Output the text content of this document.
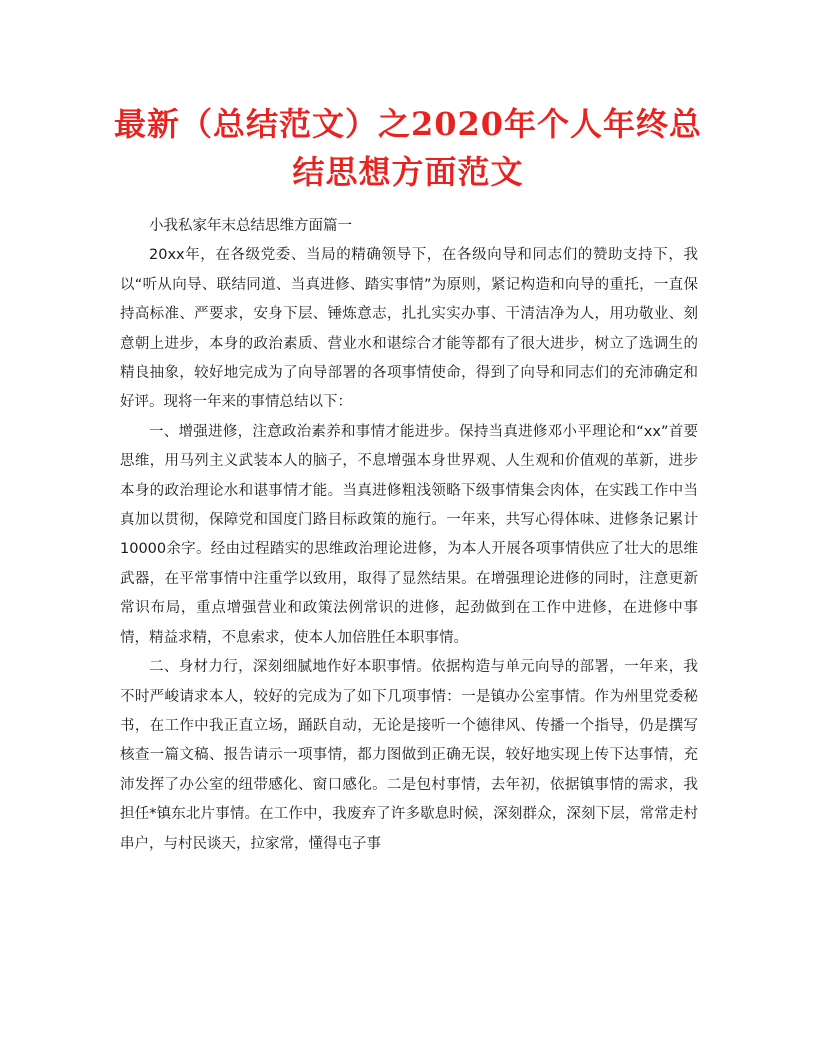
最新（总结范文）之2020年个人年终总
结思想方面范文

小我私家年末总结思维方面篇一

20xx年，在各级党委、当局的精确领导下，在各级向导和同志们的赞助支持下，我以“听从向导、联结同道、当真进修、踏实事情”为原则，紧记构造和向导的重托，一直保持高标准、严要求，安身下层、锤炼意志，扎扎实实办事、干清洁净为人，用功敬业、刻意朝上进步，本身的政治素质、营业水和谌综合才能等都有了很大进步，树立了选调生的精良抽象，较好地完成为了向导部署的各项事情使命，得到了向导和同志们的充沛确定和好评。现将一年来的事情总结以下：

一、增强进修，注意政治素养和事情才能进步。保持当真进修邓小平理论和“xx”首要思维，用马列主义武装本人的脑子，不息增强本身世界观、人生观和价值观的革新，进步本身的政治理论水和谌事情才能。当真进修粗浅领略下级事情集会肉体，在实践工作中当真加以贯彻，保障党和国度门路目标政策的施行。一年来，共写心得体味、进修条记累计10000余字。经由过程踏实的思维政治理论进修，为本人开展各项事情供应了壮大的思维武器，在平常事情中注重学以致用，取得了显然结果。在增强理论进修的同时，注意更新常识布局，重点增强营业和政策法例常识的进修，起劲做到在工作中进修，在进修中事情，精益求精，不息索求，使本人加倍胜任本职事情。

二、身材力行，深刻细腻地作好本职事情。依据构造与单元向导的部署，一年来，我不时严峻请求本人，较好的完成为了如下几项事情：一是镇办公室事情。作为州里党委秘书，在工作中我正直立场，踊跃自动，无论是接听一个德律风、传播一个指导，仍是撰写核查一篇文稿、报告请示一项事情，都力图做到正确无误，较好地实现上传下达事情，充沛发挥了办公室的纽带感化、窗口感化。二是包村事情，去年初，依据镇事情的需求，我担任*镇东北片事情。在工作中，我废弃了许多歇息时候，深刻群众，深刻下层，常常走村串户，与村民谈天，拉家常，懂得屯子事
